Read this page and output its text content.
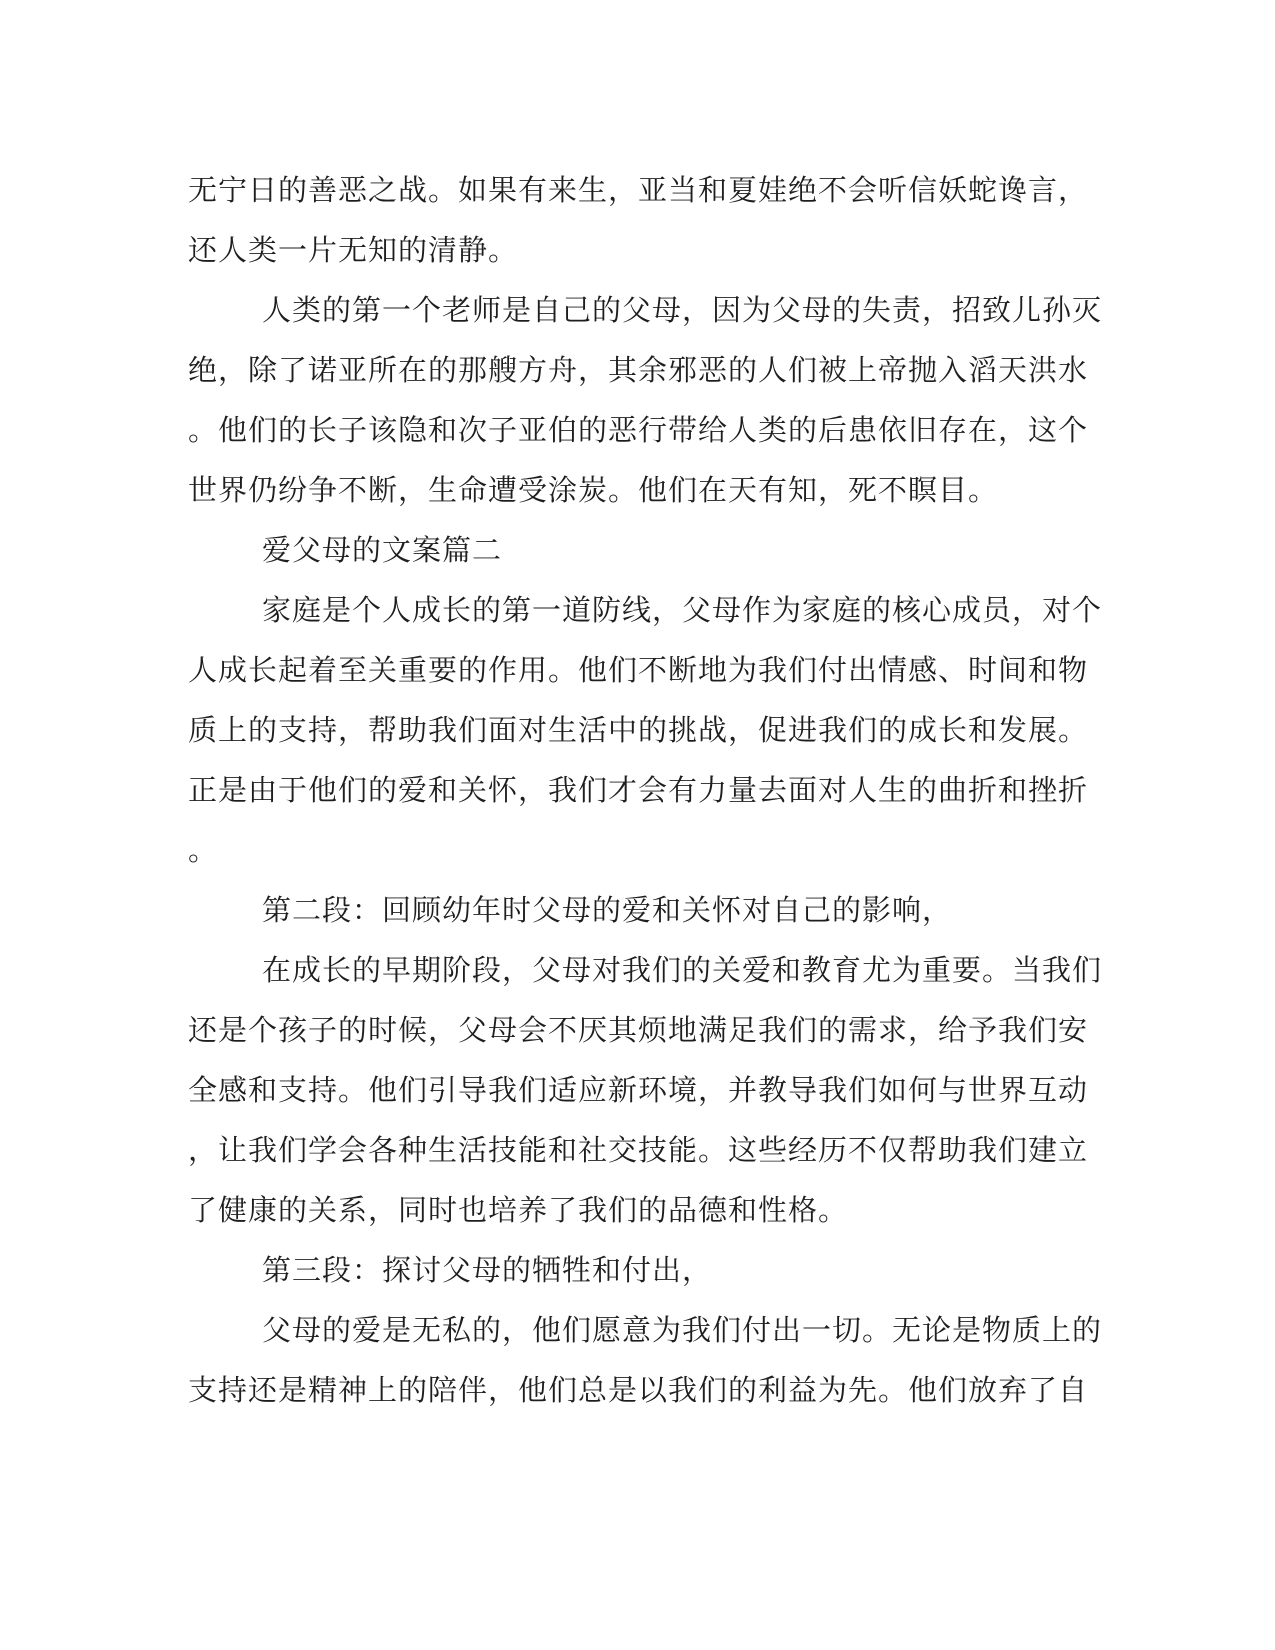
无宁日的善恶之战。如果有来生，亚当和夏娃绝不会听信妖蛇谗言，
还人类一片无知的清静。
人类的第一个老师是自己的父母，因为父母的失责，招致儿孙灭
绝，除了诺亚所在的那艘方舟，其余邪恶的人们被上帝抛入滔天洪水
。他们的长子该隐和次子亚伯的恶行带给人类的后患依旧存在，这个
世界仍纷争不断，生命遭受涂炭。他们在天有知，死不瞑目。
爱父母的文案篇二
家庭是个人成长的第一道防线，父母作为家庭的核心成员，对个
人成长起着至关重要的作用。他们不断地为我们付出情感、时间和物
质上的支持，帮助我们面对生活中的挑战，促进我们的成长和发展。
正是由于他们的爱和关怀，我们才会有力量去面对人生的曲折和挫折
。
第二段：回顾幼年时父母的爱和关怀对自己的影响，
在成长的早期阶段，父母对我们的关爱和教育尤为重要。当我们
还是个孩子的时候，父母会不厌其烦地满足我们的需求，给予我们安
全感和支持。他们引导我们适应新环境，并教导我们如何与世界互动
，让我们学会各种生活技能和社交技能。这些经历不仅帮助我们建立
了健康的关系，同时也培养了我们的品德和性格。
第三段：探讨父母的牺牲和付出，
父母的爱是无私的，他们愿意为我们付出一切。无论是物质上的
支持还是精神上的陪伴，他们总是以我们的利益为先。他们放弃了自
